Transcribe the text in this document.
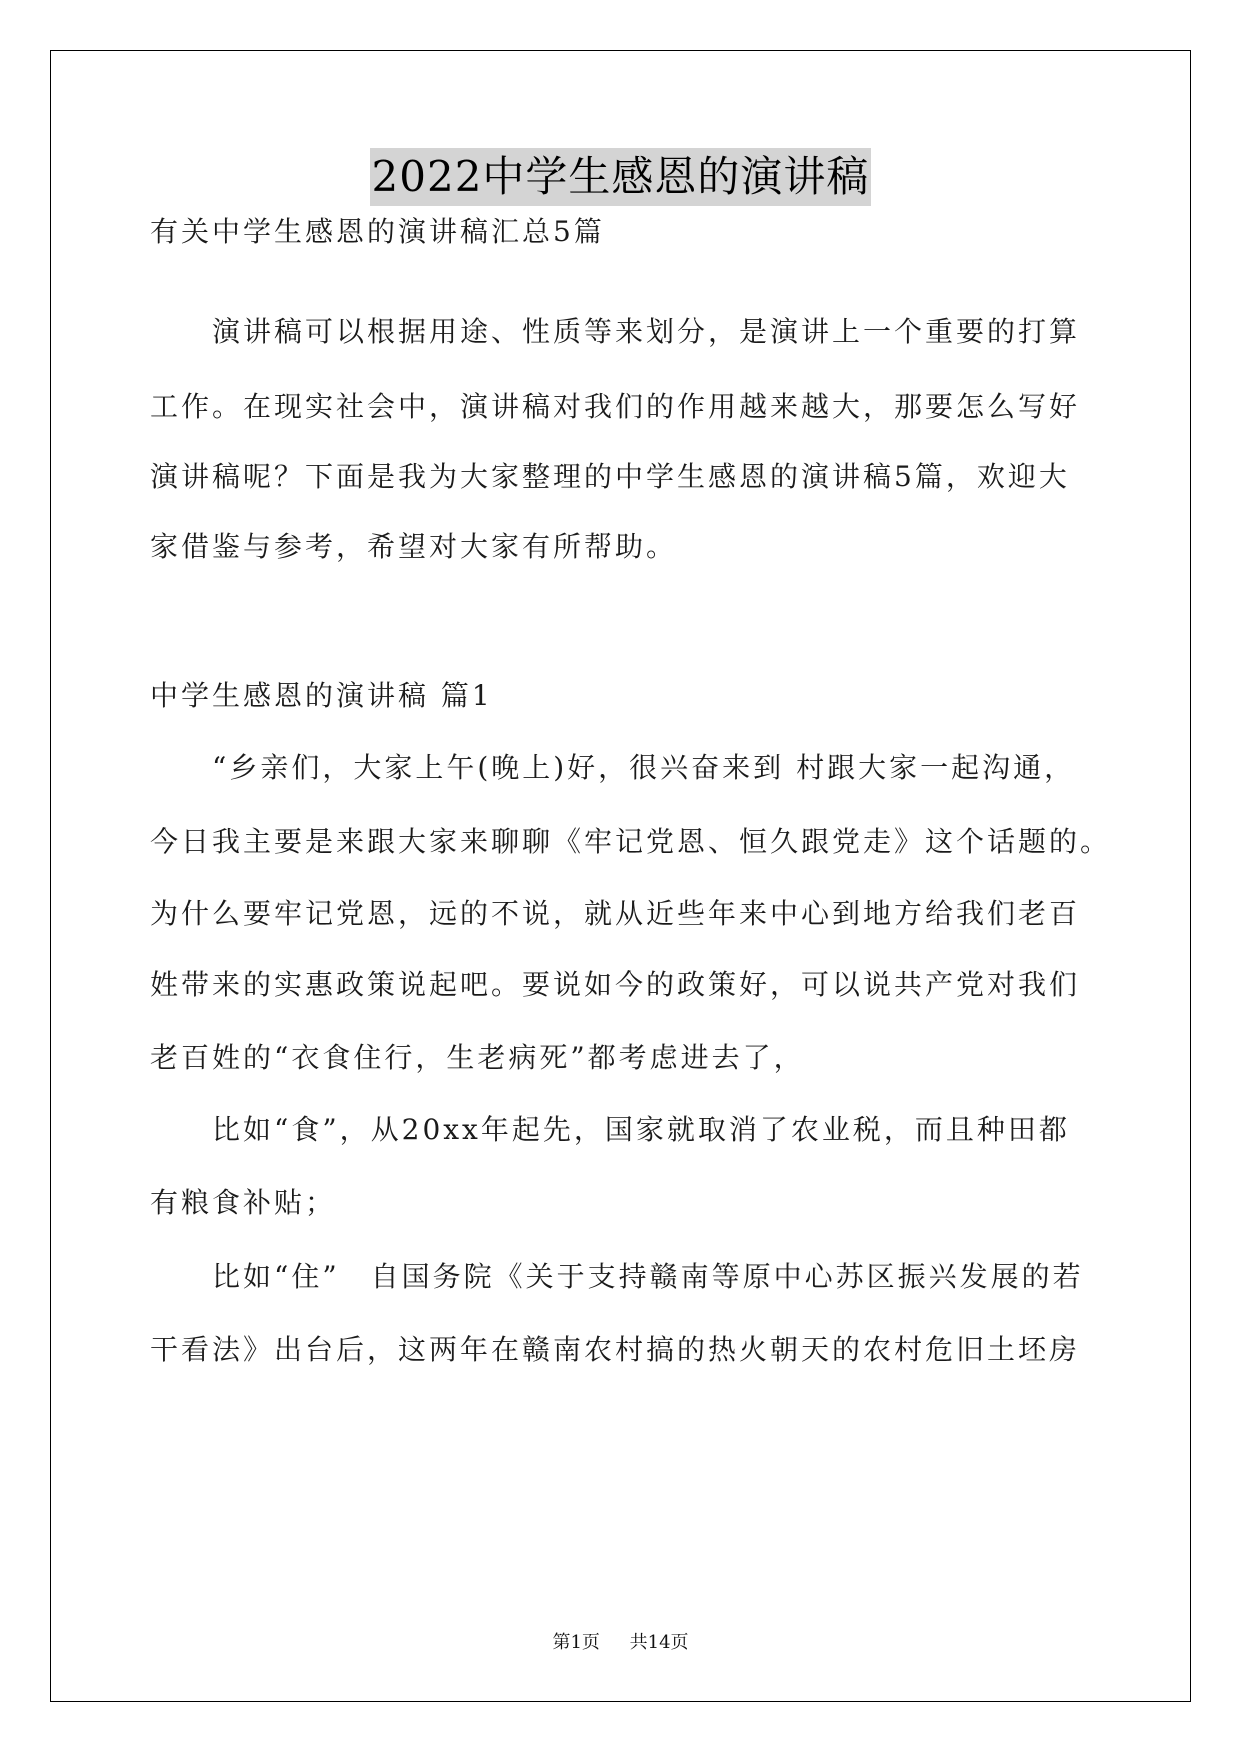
2022中学生感恩的演讲稿
有关中学生感恩的演讲稿汇总5篇
　　演讲稿可以根据用途、性质等来划分，是演讲上一个重要的打算
工作。在现实社会中，演讲稿对我们的作用越来越大，那要怎么写好
演讲稿呢？下面是我为大家整理的中学生感恩的演讲稿5篇，欢迎大
家借鉴与参考，希望对大家有所帮助。
中学生感恩的演讲稿 篇1
　　“乡亲们，大家上午(晚上)好，很兴奋来到 村跟大家一起沟通，
今日我主要是来跟大家来聊聊《牢记党恩、恒久跟党走》这个话题的。
为什么要牢记党恩，远的不说，就从近些年来中心到地方给我们老百
姓带来的实惠政策说起吧。要说如今的政策好，可以说共产党对我们
老百姓的“衣食住行，生老病死”都考虑进去了，
　　比如“食”，从20xx年起先，国家就取消了农业税，而且种田都
有粮食补贴；
　　比如“住”　自国务院《关于支持赣南等原中心苏区振兴发展的若
干看法》出台后，这两年在赣南农村搞的热火朝天的农村危旧土坯房
第1页 共14页
